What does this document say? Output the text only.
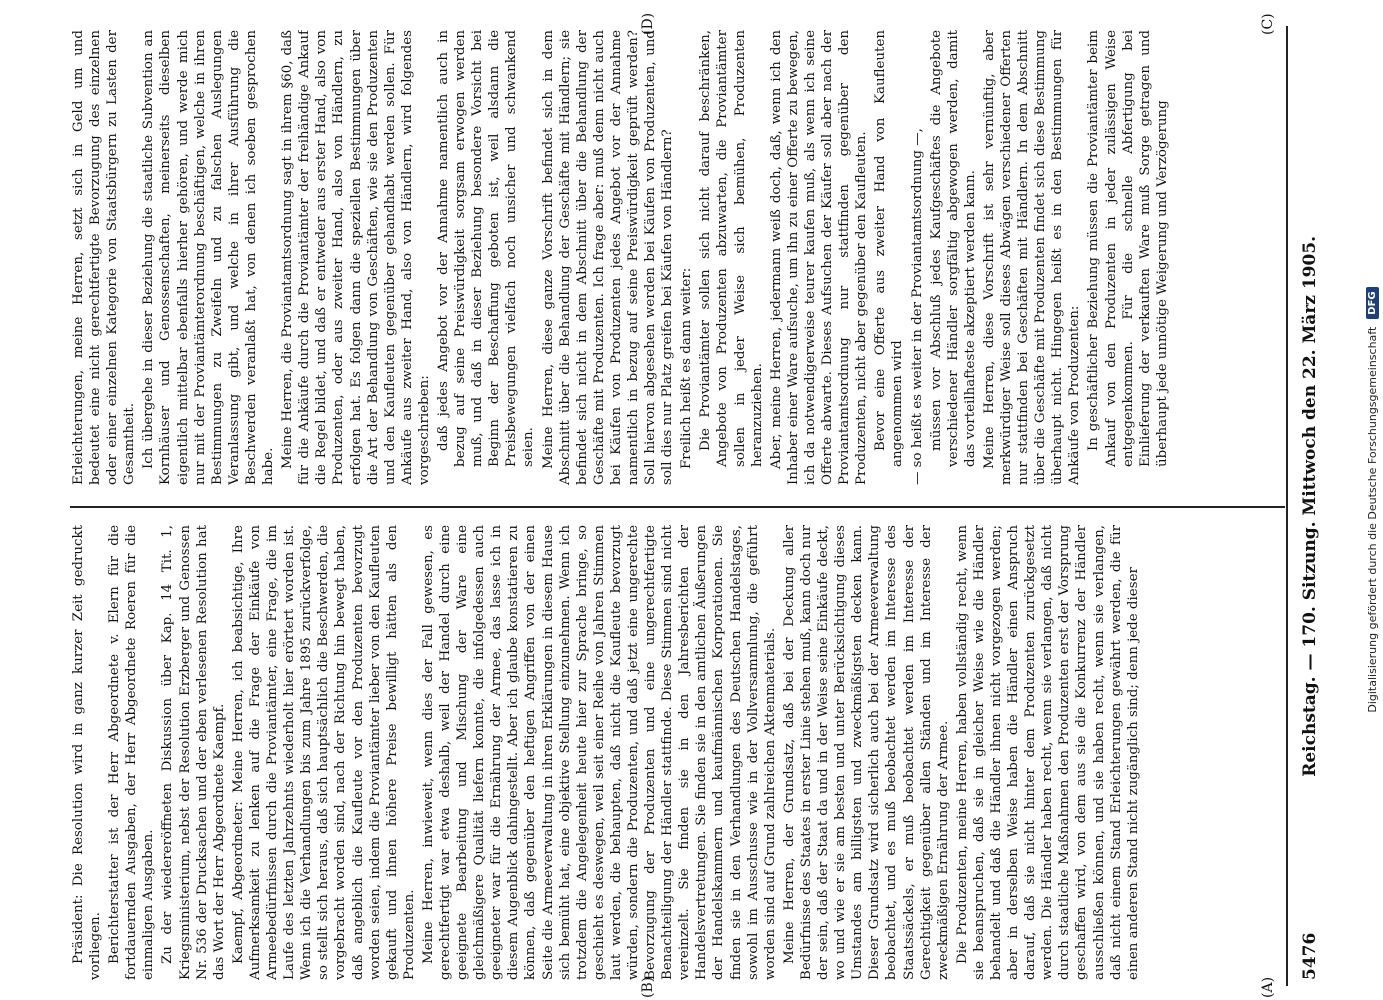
5476
Reichstag. — 170. Sitzung. Mittwoch den 22. März 1905.
(A)
(B)
(C)
(D)

Präsident: Die Resolution wird in ganz kurzer Zeit gedruckt vorliegen. Berichterstatter ist der Herr Abgeordnete v. Elern für die fortdauernden Ausgaben, der Herr Abgeordnete Roeren für die einmaligen Ausgaben. Zu der wiedereröffneten Diskussion über Kap. 14 Tit. 1, Kriegsministerium, nebst der Resolution Erzberger und Genossen Nr. 536 der Drucksachen und der eben verlesenen Resolution hat das Wort der Herr Abgeordnete Kaempf. Kaempf, Abgeordneter: Meine Herren, ich beabsichtige, Ihre Aufmerksamkeit zu lenken auf die Frage der Einkäufe von Armeebedürfnissen durch die Proviantämter, eine Frage, die im Laufe des letzten Jahrzehnts wiederholt hier erörtert worden ist. Wenn ich die Verhandlungen bis zum Jahre 1895 zurückverfolge, so stellt sich heraus, daß sich hauptsächlich die Beschwerden, die vorgebracht worden sind, nach der Richtung hin bewegt haben, daß angeblich die Kaufleute vor den Produzenten bevorzugt worden seien, indem die Proviantämter lieber von den Kaufleuten gekauft und ihnen höhere Preise bewilligt hätten als den Produzenten. Meine Herren, inwieweit, wenn dies der Fall gewesen, es gerechtfertigt war etwa deshalb, weil der Handel durch eine geeignete Bearbeitung und Mischung der Ware eine gleichmäßigere Qualität liefern konnte, die infolgedessen auch geeigneter war für die Ernährung der Armee, das lasse ich in diesem Augenblick dahingestellt. Aber ich glaube konstatieren zu können, daß gegenüber den heftigen Angriffen von der einen Seite die Armeeverwaltung in ihren Erklärungen in diesem Hause sich bemüht hat, eine objektive Stellung einzunehmen. Wenn ich trotzdem die Angelegenheit heute hier zur Sprache bringe, so geschieht es deswegen, weil seit einer Reihe von Jahren Stimmen laut werden, die behaupten, daß nicht die Kaufleute bevorzugt würden, sondern die Produzenten, und daß jetzt eine ungerechte Bevorzugung der Produzenten und eine ungerechtfertigte Benachteiligung der Händler stattfinde. Diese Stimmen sind nicht vereinzelt. Sie finden sie in den Jahresberichten der Handelsvertretungen. Sie finden sie in den amtlichen Äußerungen der Handelskammern und kaufmännischen Korporationen. Sie finden sie in den Verhandlungen des Deutschen Handelstages, sowohl im Ausschusse wie in der Vollversammlung, die geführt worden sind auf Grund zahlreichen Aktenmaterials. Meine Herren, der Grundsatz, daß bei der Deckung aller Bedürfnisse des Staates in erster Linie stehen muß, kann doch nur der sein, daß der Staat da und in der Weise seine Einkäufe deckt, wo und wie er sie am besten und unter Berücksichtigung dieses Umstandes am billigsten und zweckmäßigsten decken kann. Dieser Grundsatz wird sicherlich auch bei der Armeeverwaltung beobachtet, und es muß beobachtet werden im Interesse des Staatssäckels, er muß beobachtet werden im Interesse der Gerechtigkeit gegenüber allen Ständen und im Interesse der zweckmäßigen Ernährung der Armee. Die Produzenten, meine Herren, haben vollständig recht, wenn sie beanspruchen, daß sie in gleicher Weise wie die Händler behandelt und daß die Händler ihnen nicht vorgezogen werden; aber in derselben Weise haben die Händler einen Anspruch darauf, daß sie nicht hinter dem Produzenten zurückgesetzt werden. Die Händler haben recht, wenn sie verlangen, daß nicht durch staatliche Maßnahmen den Produzenten erst der Vorsprung geschaffen wird, von dem aus sie die Konkurrenz der Händler ausschließen können, und sie haben recht, wenn sie verlangen, daß nicht einem Stand Erleichterungen gewährt werden, die für einen anderen Stand nicht zugänglich sind; denn jede dieser

Erleichterungen, meine Herren, setzt sich in Geld um und bedeutet eine nicht gerechtfertigte Bevorzugung des einzelnen oder einer einzelnen Kategorie von Staatsbürgern zu Lasten der Gesamtheit. Ich übergehe in dieser Beziehung die staatliche Subvention an Kornhäuser und Genossenschaften, meinerseits dieselben eigentlich mittelbar ebenfalls hierher gehören, und werde mich nur mit der Proviantämterordnung beschäftigen, welche in ihren Bestimmungen zu Zweifeln und zu falschen Auslegungen Veranlassung gibt, und welche in ihrer Ausführung die Beschwerden veranlaßt hat, von denen ich soeben gesprochen habe. Meine Herren, die Proviantamtsordnung sagt in ihrem §60, daß für die Ankäufe durch die Proviantämter der freihändige Ankauf die Regel bildet, und daß er entweder aus erster Hand, also von Produzenten, oder aus zweiter Hand, also von Händlern, zu erfolgen hat. Es folgen dann die speziellen Bestimmungen über die Art der Behandlung von Geschäften, wie sie den Produzenten und den Kaufleuten gegenüber gehandhabt werden sollen. Für Ankäufe aus zweiter Hand, also von Händlern, wird folgendes vorgeschrieben: daß jedes Angebot vor der Annahme namentlich auch in bezug auf seine Preiswürdigkeit sorgsam erwogen werden muß, und daß in dieser Beziehung besondere Vorsicht bei Beginn der Beschaffung geboten ist, weil alsdann die Preisbewegungen vielfach noch unsicher und schwankend seien. Meine Herren, diese ganze Vorschrift befindet sich in dem Abschnitt über die Behandlung der Geschäfte mit Händlern; sie befindet sich nicht in dem Abschnitt über die Behandlung der Geschäfte mit Produzenten. Ich frage aber: muß denn nicht auch bei Käufen von Produzenten jedes Angebot vor der Annahme namentlich in bezug auf seine Preiswürdigkeit geprüft werden? Soll hiervon abgesehen werden bei Käufen von Produzenten, und soll dies nur Platz greifen bei Käufen von Händlern? Freilich heißt es dann weiter: Die Proviantämter sollen sich nicht darauf beschränken, Angebote von Produzenten abzuwarten, die Proviantämter sollen in jeder Weise sich bemühen, Produzenten heranzuziehen. Aber, meine Herren, jedermann weiß doch, daß, wenn ich den Inhaber einer Ware aufsuche, um ihn zu einer Offerte zu bewegen, ich da notwendigerweise teurer kaufen muß, als wenn ich seine Offerte abwarte. Dieses Aufsuchen der Käufer soll aber nach der Proviantamtsordnung nur stattfinden gegenüber den Produzenten, nicht aber gegenüber den Kaufleuten. Bevor eine Offerte aus zweiter Hand von Kaufleuten angenommen wird — so heißt es weiter in der Proviantamtsordnung —, müssen vor Abschluß jedes Kaufgeschäftes die Angebote verschiedener Händler sorgfältig abgewogen werden, damit das vorteilhafteste akzeptiert werden kann. Meine Herren, diese Vorschrift ist sehr vernünftig, aber merkwürdiger Weise soll dieses Abwägen verschiedener Offerten nur stattfinden bei Geschäften mit Händlern. In dem Abschnitt über die Geschäfte mit Produzenten findet sich diese Bestimmung überhaupt nicht. Hingegen heißt es in den Bestimmungen für Ankäufe von Produzenten: In geschäftlicher Beziehung müssen die Proviantämter beim Ankauf von den Produzenten in jeder zulässigen Weise entgegenkommen. Für die schnelle Abfertigung bei Einlieferung der verkauften Ware muß Sorge getragen und überhaupt jede unnötige Weigerung und Verzögerung

Digitalisierung gefördert durch die Deutsche Forschungsgemeinschaft
DFG
